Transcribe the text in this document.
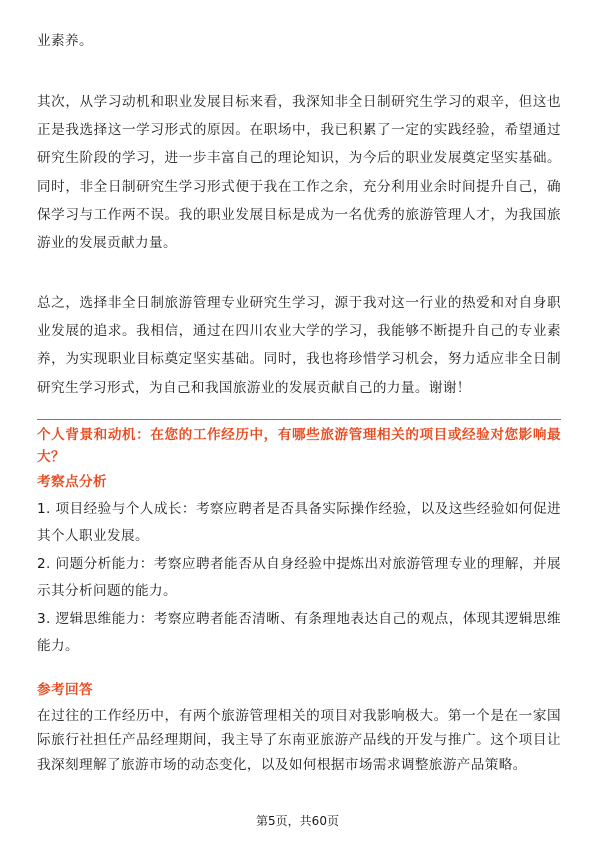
业素养。

其次，从学习动机和职业发展目标来看，我深知非全日制研究生学习的艰辛，但这也正是我选择这一学习形式的原因。在职场中，我已积累了一定的实践经验，希望通过研究生阶段的学习，进一步丰富自己的理论知识，为今后的职业发展奠定坚实基础。同时，非全日制研究生学习形式便于我在工作之余，充分利用业余时间提升自己，确保学习与工作两不误。我的职业发展目标是成为一名优秀的旅游管理人才，为我国旅游业的发展贡献力量。

总之，选择非全日制旅游管理专业研究生学习，源于我对这一行业的热爱和对自身职业发展的追求。我相信，通过在四川农业大学的学习，我能够不断提升自己的专业素养，为实现职业目标奠定坚实基础。同时，我也将珍惜学习机会，努力适应非全日制研究生学习形式，为自己和我国旅游业的发展贡献自己的力量。谢谢！

个人背景和动机：在您的工作经历中，有哪些旅游管理相关的项目或经验对您影响最大？

考察点分析

1. 项目经验与个人成长：考察应聘者是否具备实际操作经验，以及这些经验如何促进其个人职业发展。

2. 问题分析能力：考察应聘者能否从自身经验中提炼出对旅游管理专业的理解，并展示其分析问题的能力。

3. 逻辑思维能力：考察应聘者能否清晰、有条理地表达自己的观点，体现其逻辑思维能力。

参考回答

在过往的工作经历中，有两个旅游管理相关的项目对我影响极大。第一个是在一家国际旅行社担任产品经理期间，我主导了东南亚旅游产品线的开发与推广。这个项目让我深刻理解了旅游市场的动态变化，以及如何根据市场需求调整旅游产品策略。

第5页，共60页
